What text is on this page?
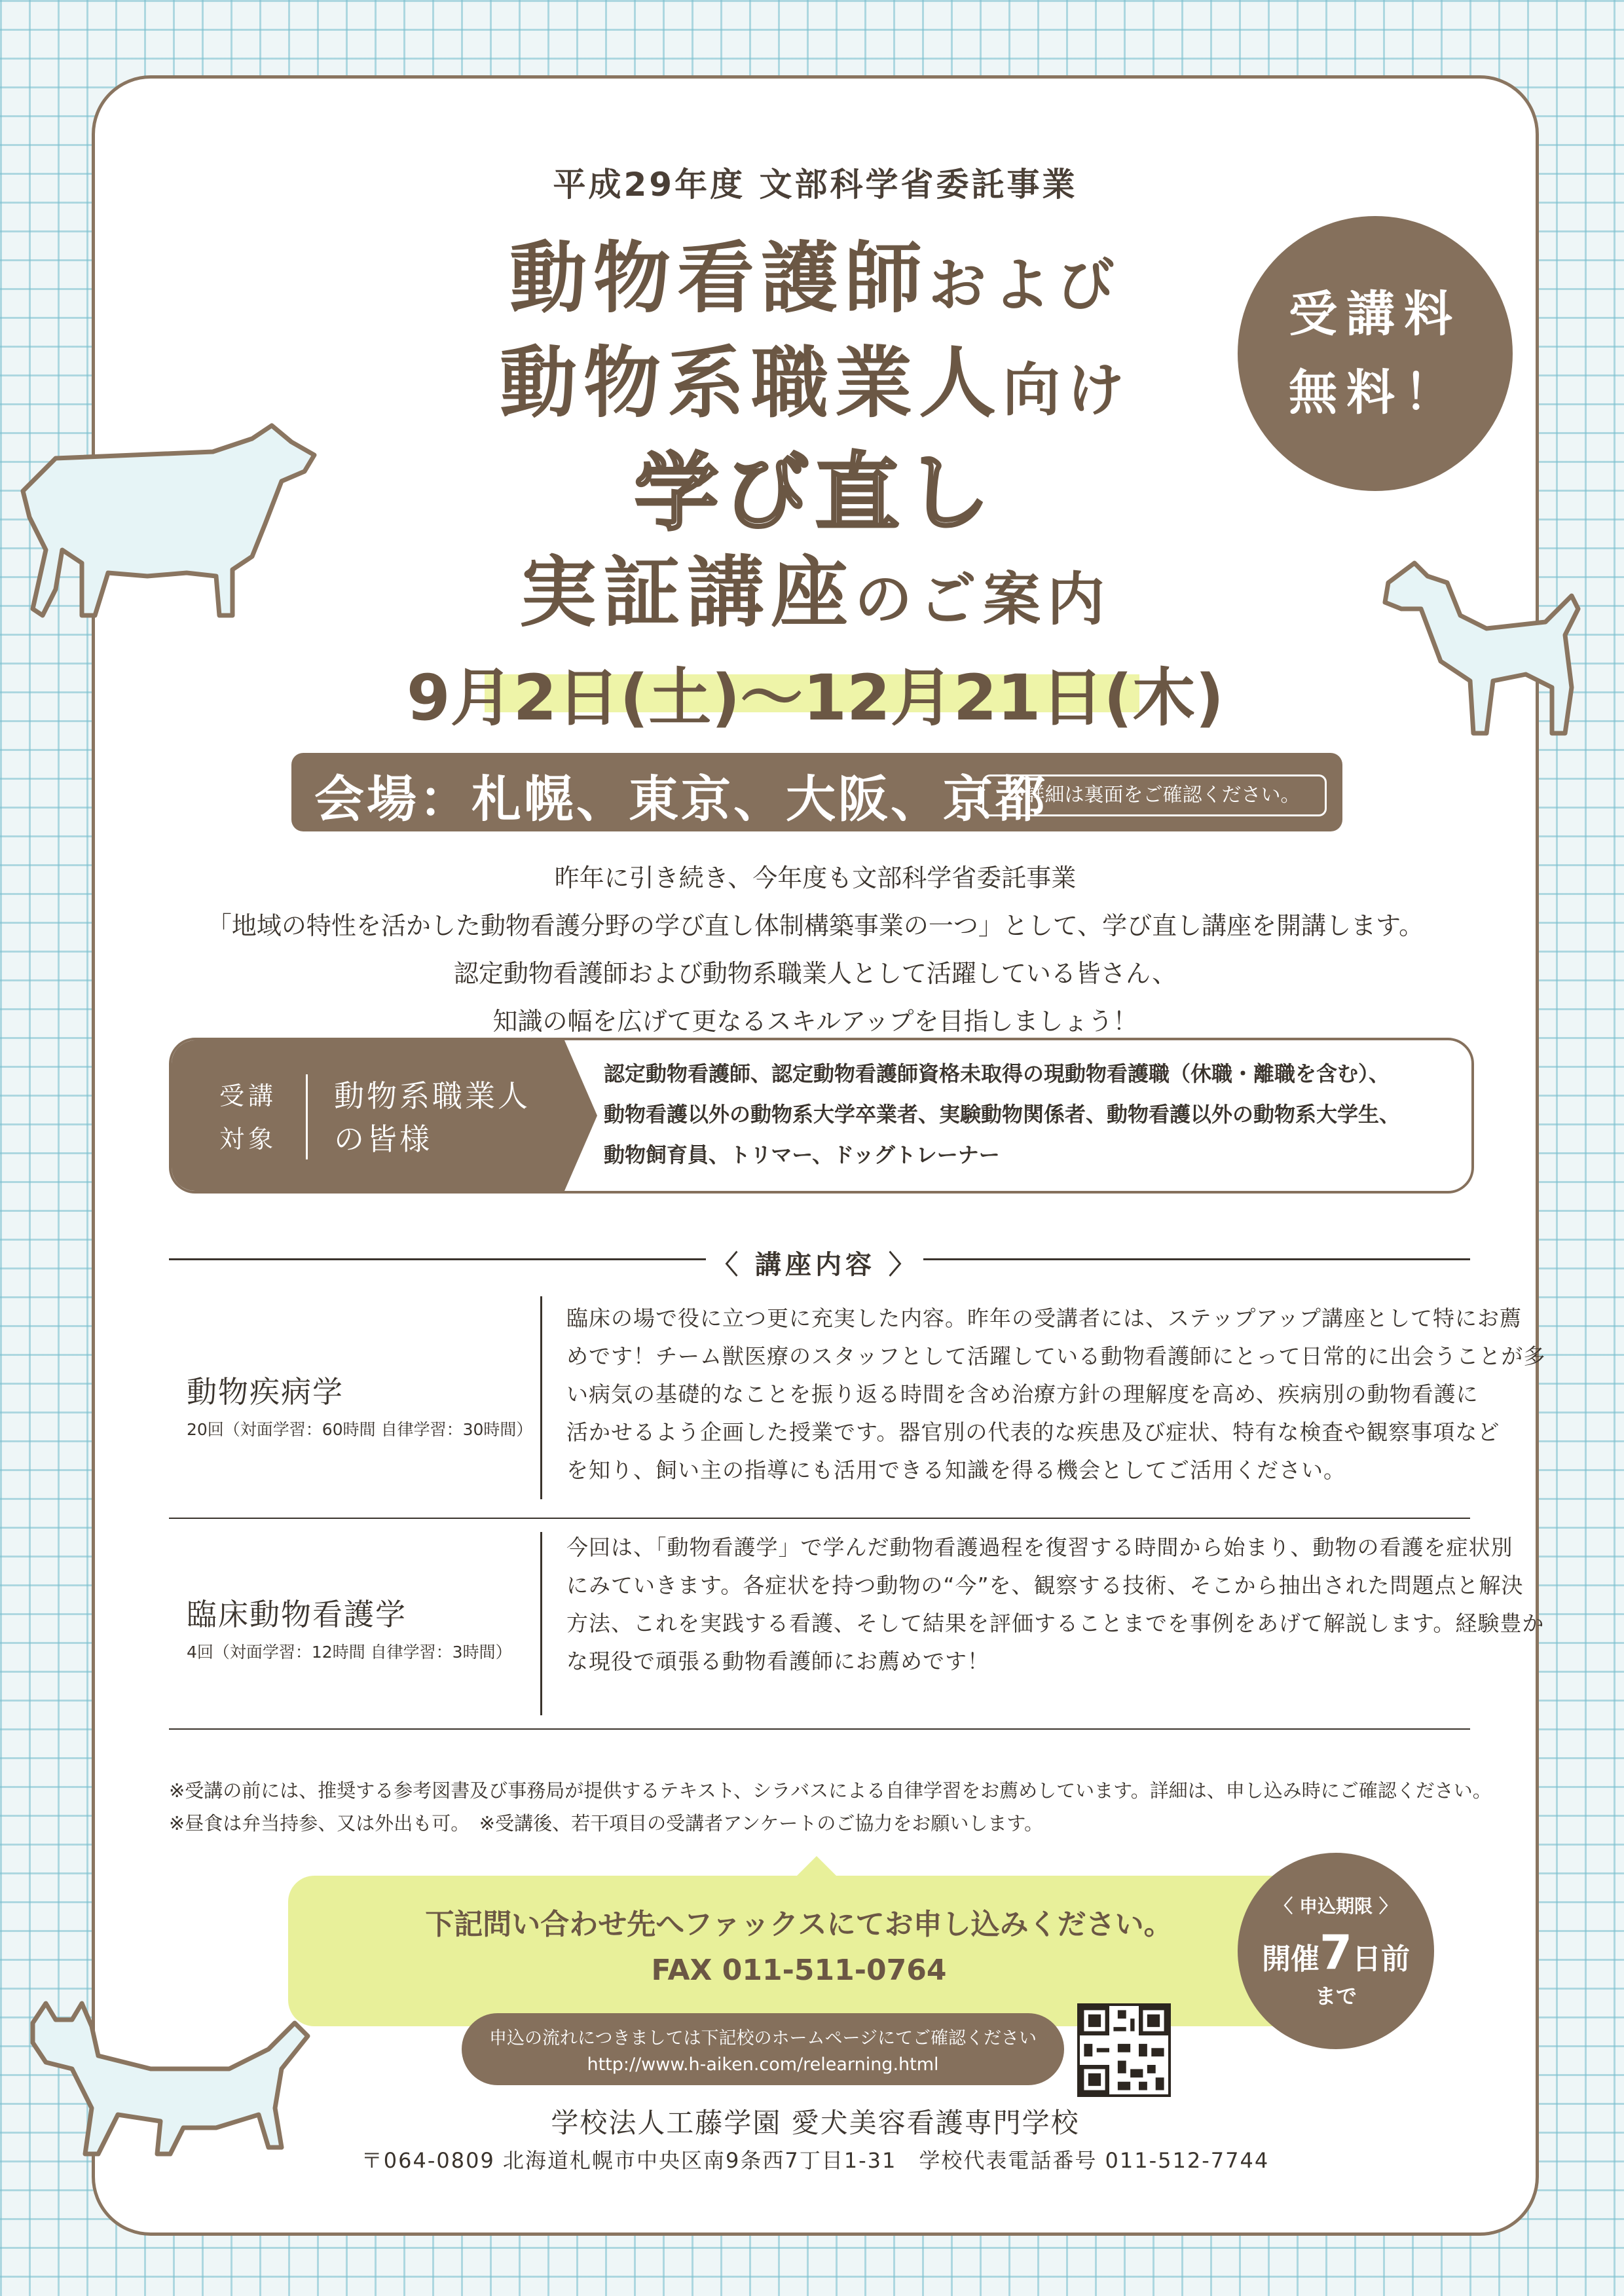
平成29年度 文部科学省委託事業
動物看護師および
動物系職業人向け
学び直し
実証講座のご案内
9月2日(土)～12月21日(木)
受講料
無料！
会場：札幌、東京、大阪、京都
※詳細は裏面をご確認ください。
昨年に引き続き、今年度も文部科学省委託事業
「地域の特性を活かした動物看護分野の学び直し体制構築事業の一つ」として、学び直し講座を開講します。
認定動物看護師および動物系職業人として活躍している皆さん、
知識の幅を広げて更なるスキルアップを目指しましょう！
受講
対象
動物系職業人
の皆様
認定動物看護師、認定動物看護師資格未取得の現動物看護職（休職・離職を含む）、
動物看護以外の動物系大学卒業者、実験動物関係者、動物看護以外の動物系大学生、
動物飼育員、トリマー、ドッグトレーナー
〈 講座内容 〉
動物疾病学
20回（対面学習：60時間 自律学習：30時間）
臨床の場で役に立つ更に充実した内容。昨年の受講者には、ステップアップ講座として特にお薦
めです！チーム獣医療のスタッフとして活躍している動物看護師にとって日常的に出会うことが多
い病気の基礎的なことを振り返る時間を含め治療方針の理解度を高め、疾病別の動物看護に
活かせるよう企画した授業です。器官別の代表的な疾患及び症状、特有な検査や観察事項など
を知り、飼い主の指導にも活用できる知識を得る機会としてご活用ください。
臨床動物看護学
4回（対面学習：12時間 自律学習：3時間）
今回は、「動物看護学」で学んだ動物看護過程を復習する時間から始まり、動物の看護を症状別
にみていきます。各症状を持つ動物の“今”を、観察する技術、そこから抽出された問題点と解決
方法、これを実践する看護、そして結果を評価することまでを事例をあげて解説します。経験豊か
な現役で頑張る動物看護師にお薦めです！
※受講の前には、推奨する参考図書及び事務局が提供するテキスト、シラバスによる自律学習をお薦めしています。詳細は、申し込み時にご確認ください。
※昼食は弁当持参、又は外出も可。　※受講後、若干項目の受講者アンケートのご協力をお願いします。
下記問い合わせ先へファックスにてお申し込みください。
FAX 011-511-0764
〈 申込期限 〉
開催7日前
まで
申込の流れにつきましては下記校のホームページにてご確認ください
http://www.h-aiken.com/relearning.html
学校法人工藤学園 愛犬美容看護専門学校
〒064-0809 北海道札幌市中央区南9条西7丁目1-31　学校代表電話番号 011-512-7744
